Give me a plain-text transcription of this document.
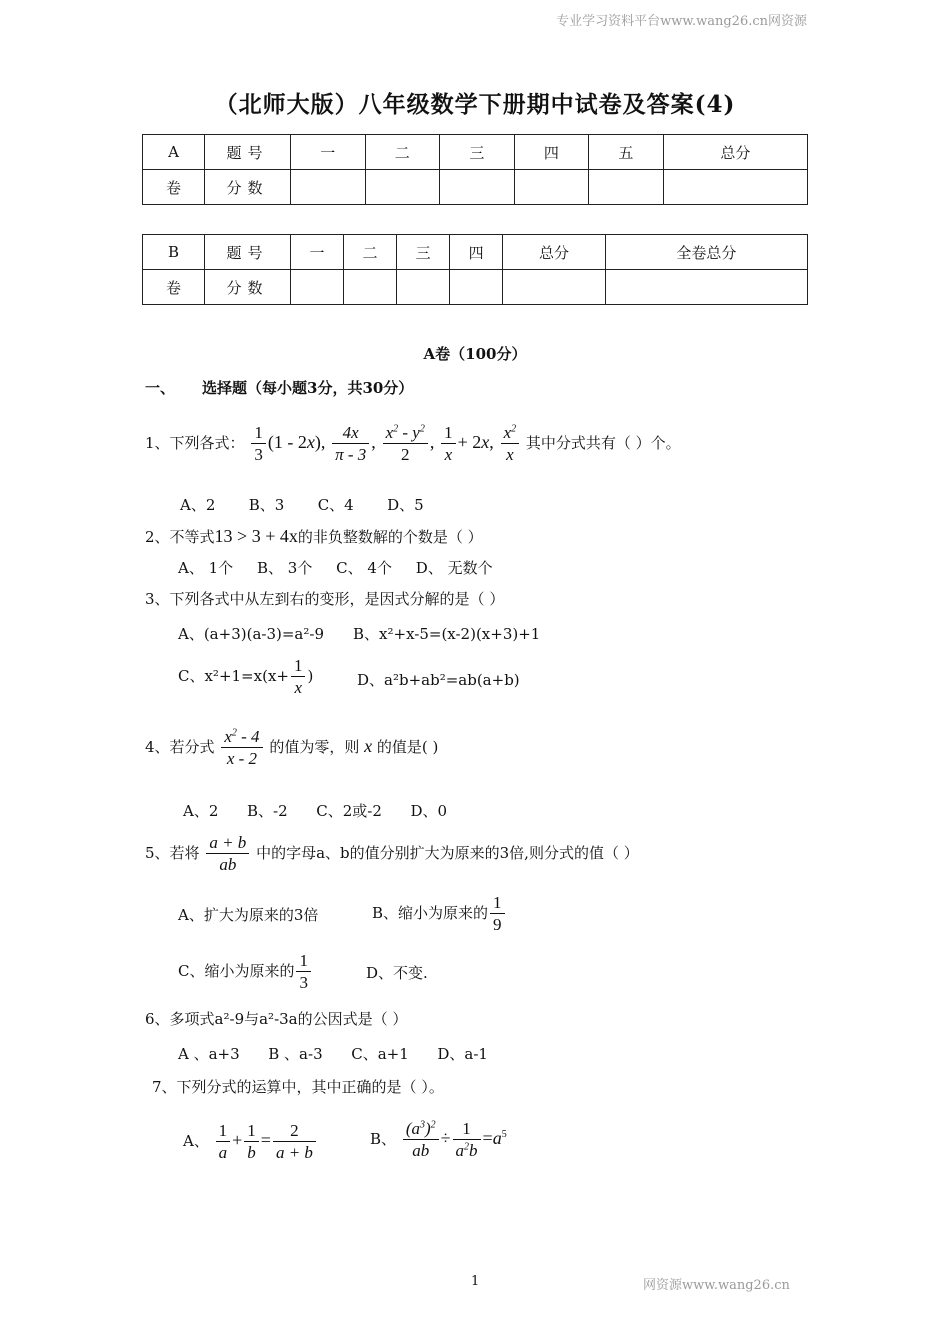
专业学习资料平台www.wang26.cn网资源
（北师大版）八年级数学下册期中试卷及答案(4)
A	题号	一	二	三	四	五	总分
卷	分数						
B	题号	一	二	三	四	总分	全卷总分
卷	分数						
A卷（100分）
一、 选择题（每小题3分，共30分）
1、下列各式： $\frac{1}{3} (1 - 2x)$, $\frac{4x}{\pi - 3}$ , $\frac{x^2 - y^2}{2}$ , $\frac{1}{x} + 2x$, $\frac{x^2}{x}$ 其中分式共有（ ）个。
A、2       B、3       C、4       D、5
2、不等式13 > 3 + 4x的非负整数解的个数是（ ）
A、 1个     B、 3个     C、 4个     D、 无数个
3、下列各式中从左到右的变形，是因式分解的是（ ）
A、(a+3)(a-3)=a²-9 B、x²+x-5=(x-2)(x+3)+1
C、$x^2+1=x(x+ \frac{1}{x}$ )	D、a²b+ab²=ab(a+b)
4、若分式 $\frac{x^2 - 4}{x - 2}$ 的值为零，则 x 的值是( )
A、2      B、-2      C、2或-2      D、0
5、若将 $\frac{a + b}{ab}$ 中的字母a、b的值分别扩大为原来的3倍,则分式的值（ ）
A、扩大为原来的3倍	B、缩小为原来的 $\frac{1}{9}$
C、缩小为原来的 $\frac{1}{3}$	D、不变.
6、多项式a²-9与a²-3a的公因式是（ ）
A 、a+3      B 、a-3      C、a+1      D、a-1
7、下列分式的运算中，其中正确的是（ ）。
A、 $\frac{1}{a} + \frac{1}{b} = \frac{2}{a + b}$	B、 $\frac{(a^3)^2}{ab} \div \frac{1}{a^2b} =a^5$
1	网资源www.wang26.cn
